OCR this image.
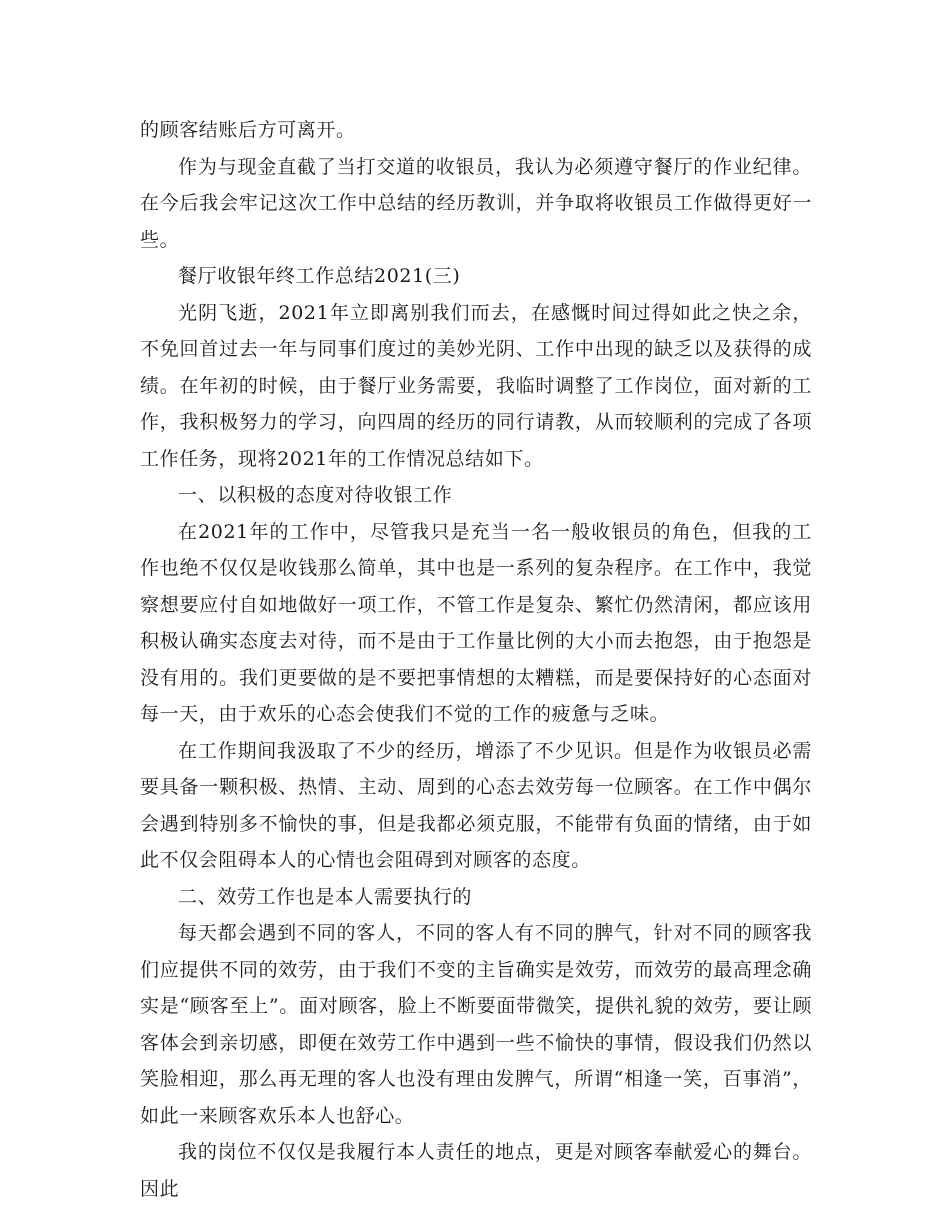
的顾客结账后方可离开。

作为与现金直截了当打交道的收银员，我认为必须遵守餐厅的作业纪律。在今后我会牢记这次工作中总结的经历教训，并争取将收银员工作做得更好一些。

餐厅收银年终工作总结2021(三)

光阴飞逝，2021年立即离别我们而去，在感慨时间过得如此之快之余，不免回首过去一年与同事们度过的美妙光阴、工作中出现的缺乏以及获得的成绩。在年初的时候，由于餐厅业务需要，我临时调整了工作岗位，面对新的工作，我积极努力的学习，向四周的经历的同行请教，从而较顺利的完成了各项工作任务，现将2021年的工作情况总结如下。

一、以积极的态度对待收银工作

在2021年的工作中，尽管我只是充当一名一般收银员的角色，但我的工作也绝不仅仅是收钱那么简单，其中也是一系列的复杂程序。在工作中，我觉察想要应付自如地做好一项工作，不管工作是复杂、繁忙仍然清闲，都应该用积极认确实态度去对待，而不是由于工作量比例的大小而去抱怨，由于抱怨是没有用的。我们更要做的是不要把事情想的太糟糕，而是要保持好的心态面对每一天，由于欢乐的心态会使我们不觉的工作的疲惫与乏味。

在工作期间我汲取了不少的经历，增添了不少见识。但是作为收银员必需要具备一颗积极、热情、主动、周到的心态去效劳每一位顾客。在工作中偶尔会遇到特别多不愉快的事，但是我都必须克服，不能带有负面的情绪，由于如此不仅会阻碍本人的心情也会阻碍到对顾客的态度。

二、效劳工作也是本人需要执行的

每天都会遇到不同的客人，不同的客人有不同的脾气，针对不同的顾客我们应提供不同的效劳，由于我们不变的主旨确实是效劳，而效劳的最高理念确实是“顾客至上”。面对顾客，脸上不断要面带微笑，提供礼貌的效劳，要让顾客体会到亲切感，即便在效劳工作中遇到一些不愉快的事情，假设我们仍然以笑脸相迎，那么再无理的客人也没有理由发脾气，所谓“相逢一笑，百事消”，如此一来顾客欢乐本人也舒心。

我的岗位不仅仅是我履行本人责任的地点，更是对顾客奉献爱心的舞台。因此
